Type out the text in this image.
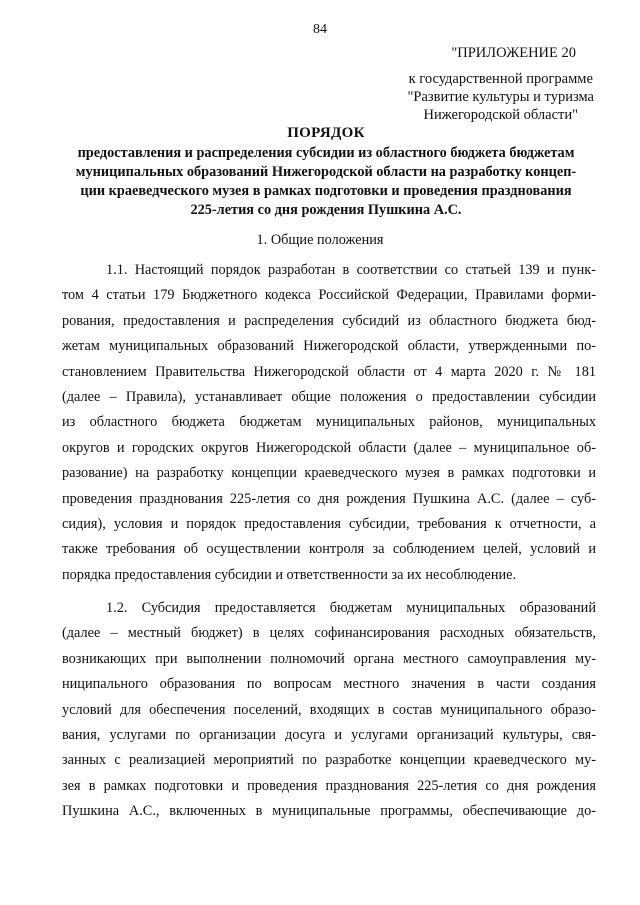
84
"ПРИЛОЖЕНИЕ 20
к государственной программе
"Развитие культуры и туризма
Нижегородской области"
ПОРЯДОК
предоставления и распределения субсидии из областного бюджета бюджетам
муниципальных образований Нижегородской области на разработку концеп-
ции краеведческого музея в рамках подготовки и проведения празднования
225-летия со дня рождения Пушкина А.С.
1. Общие положения
1.1. Настоящий порядок разработан в соответствии со статьей 139 и пунк-
том 4 статьи 179 Бюджетного кодекса Российской Федерации, Правилами форми-
рования, предоставления и распределения субсидий из областного бюджета бюд-
жетам муниципальных образований Нижегородской области, утвержденными по-
становлением Правительства Нижегородской области от 4 марта 2020 г. № 181
(далее – Правила), устанавливает общие положения о предоставлении субсидии
из областного бюджета бюджетам муниципальных районов, муниципальных
округов и городских округов Нижегородской области (далее – муниципальное об-
разование) на разработку концепции краеведческого музея в рамках подготовки и
проведения празднования 225-летия со дня рождения Пушкина А.С. (далее – суб-
сидия), условия и порядок предоставления субсидии, требования к отчетности, а
также требования об осуществлении контроля за соблюдением целей, условий и
порядка предоставления субсидии и ответственности за их несоблюдение.
1.2. Субсидия предоставляется бюджетам муниципальных образований
(далее – местный бюджет) в целях софинансирования расходных обязательств,
возникающих при выполнении полномочий органа местного самоуправления му-
ниципального образования по вопросам местного значения в части создания
условий для обеспечения поселений, входящих в состав муниципального образо-
вания, услугами по организации досуга и услугами организаций культуры, свя-
занных с реализацией мероприятий по разработке концепции краеведческого му-
зея в рамках подготовки и проведения празднования 225-летия со дня рождения
Пушкина А.С., включенных в муниципальные программы, обеспечивающие до-
